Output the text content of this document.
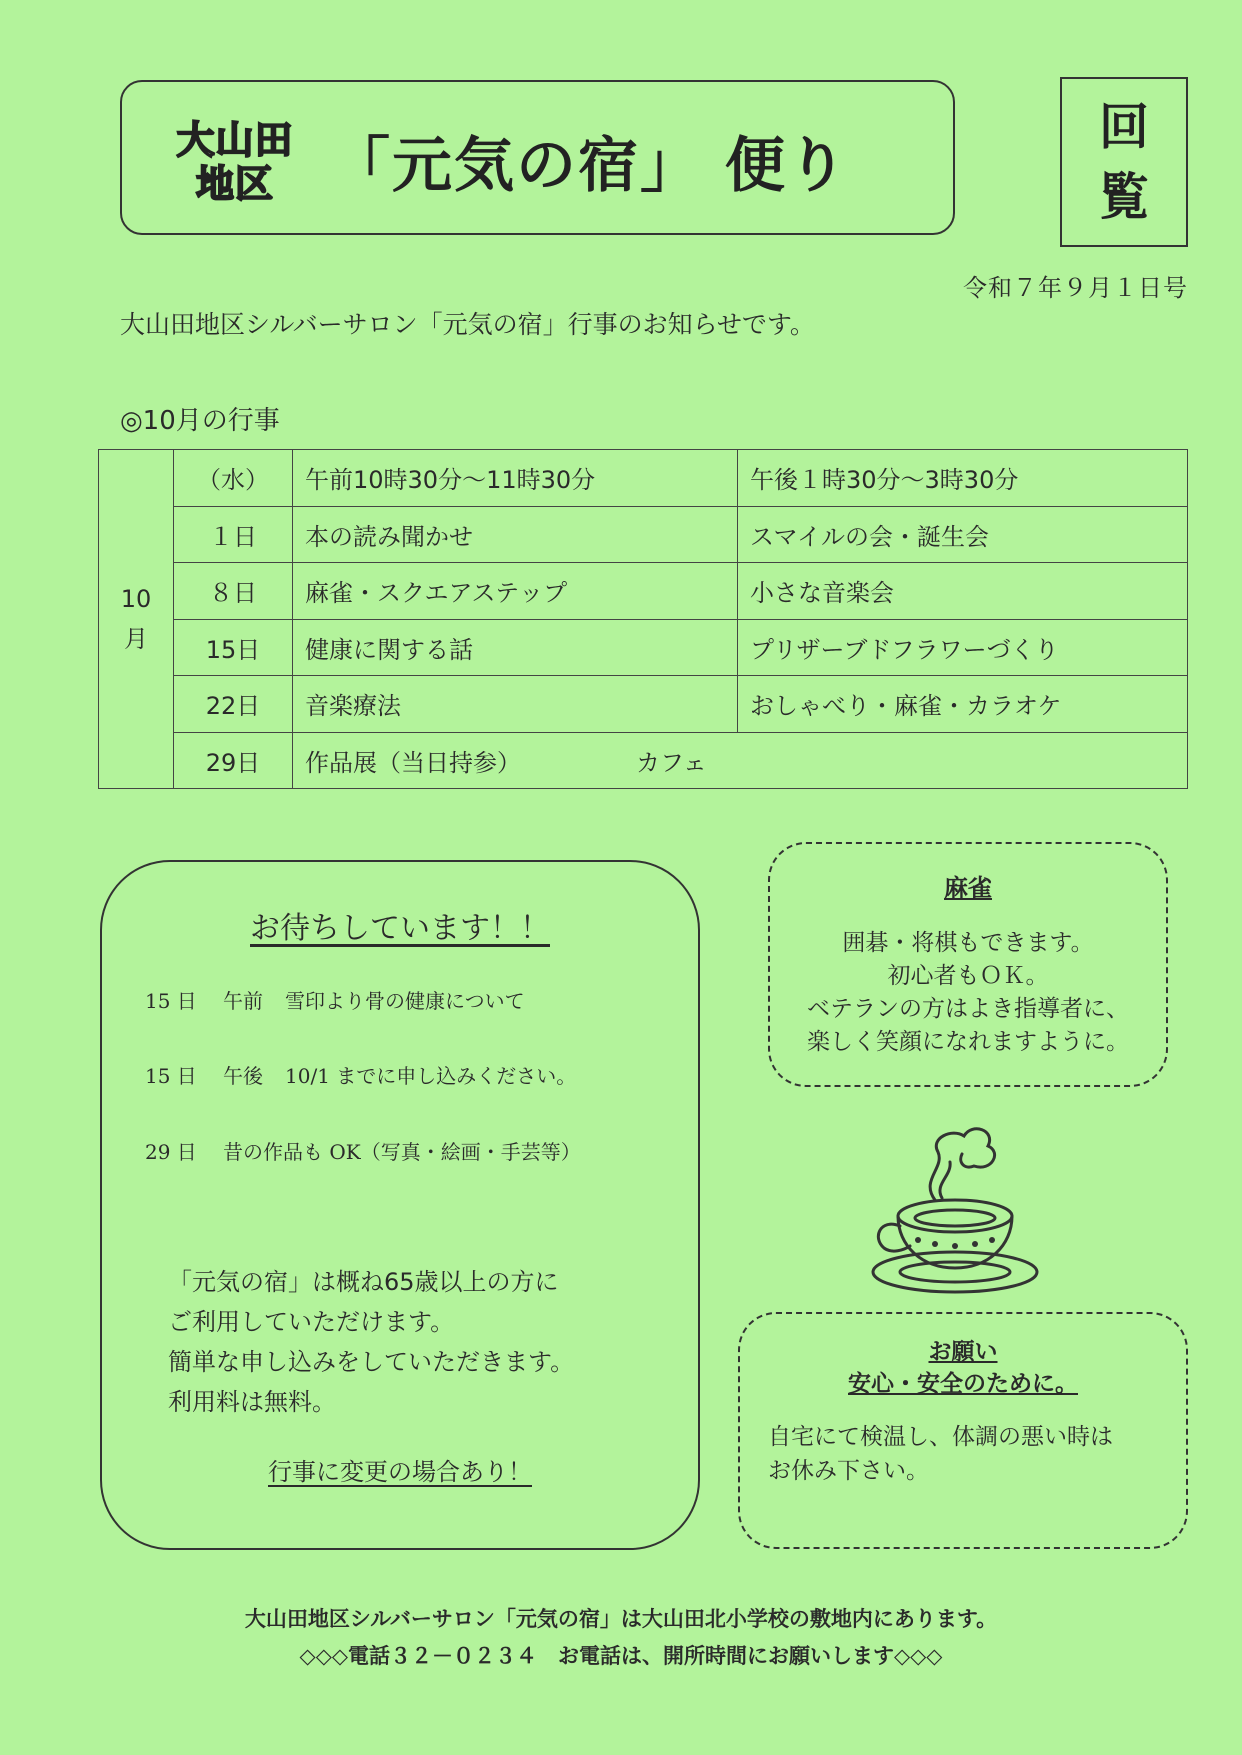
大山田
地区 「元気の宿」 便り
回
覧
令和７年９月１日号
大山田地区シルバーサロン「元気の宿」行事のお知らせです。
◎10月の行事
10
月	（水）	午前10時30分～11時30分	午後１時30分～3時30分
	１日	本の読み聞かせ	スマイルの会・誕生会
	８日	麻雀・スクエアステップ	小さな音楽会
	15日	健康に関する話	プリザーブドフラワーづくり
	22日	音楽療法	おしゃべり・麻雀・カラオケ
	29日	作品展（当日持参） カフェ	
お待ちしています！！
15 日 午前 雪印より骨の健康について
15 日 午後 10/1 までに申し込みください。
29 日 昔の作品も OK（写真・絵画・手芸等）
「元気の宿」は概ね65歳以上の方に
ご利用していただけます。
簡単な申し込みをしていただきます。
利用料は無料。
行事に変更の場合あり！
麻雀
囲碁・将棋もできます。
初心者もＯＫ。
ベテランの方はよき指導者に、
楽しく笑顔になれますように。
お願い
安心・安全のために。
自宅にて検温し、体調の悪い時は
お休み下さい。
大山田地区シルバーサロン「元気の宿」は大山田北小学校の敷地内にあります。
◇◇◇電話３２－０２３４　お電話は、開所時間にお願いします◇◇◇
